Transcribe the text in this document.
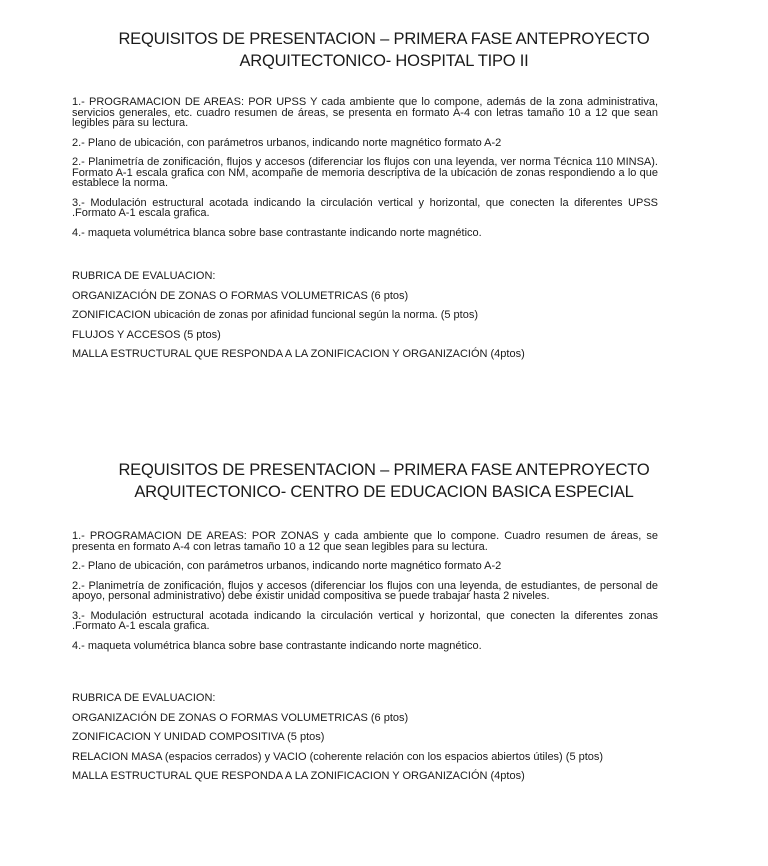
REQUISITOS DE PRESENTACION – PRIMERA FASE ANTEPROYECTO
ARQUITECTONICO- HOSPITAL TIPO II

1.- PROGRAMACION DE AREAS: POR UPSS Y cada ambiente que lo compone, además de la zona administrativa, servicios generales, etc. cuadro resumen de áreas, se presenta en formato A-4 con letras tamaño 10 a 12 que sean legibles para su lectura.

2.- Plano de ubicación, con parámetros urbanos, indicando norte magnético formato A-2

2.- Planimetría de zonificación, flujos y accesos (diferenciar los flujos con una leyenda, ver norma Técnica 110 MINSA). Formato A-1 escala grafica con NM, acompañe de memoria descriptiva de la ubicación de zonas respondiendo a lo que establece la norma.

3.- Modulación estructural acotada indicando la circulación vertical y horizontal, que conecten la diferentes UPSS .Formato A-1 escala grafica.

4.- maqueta volumétrica blanca sobre base contrastante indicando norte magnético.

RUBRICA DE EVALUACION:
ORGANIZACIÓN DE ZONAS O FORMAS VOLUMETRICAS (6 ptos)
ZONIFICACION ubicación de zonas por afinidad funcional según la norma. (5 ptos)
FLUJOS Y ACCESOS (5 ptos)
MALLA ESTRUCTURAL QUE RESPONDA A LA ZONIFICACION Y ORGANIZACIÓN (4ptos)
REQUISITOS DE PRESENTACION – PRIMERA FASE ANTEPROYECTO
ARQUITECTONICO- CENTRO DE EDUCACION BASICA ESPECIAL

1.- PROGRAMACION DE AREAS: POR ZONAS y cada ambiente que lo compone. Cuadro resumen de áreas, se presenta en formato A-4 con letras tamaño 10 a 12 que sean legibles para su lectura.

2.- Plano de ubicación, con parámetros urbanos, indicando norte magnético formato A-2

2.- Planimetría de zonificación, flujos y accesos (diferenciar los flujos con una leyenda, de estudiantes, de personal de apoyo, personal administrativo) debe existir unidad compositiva se puede trabajar hasta 2 niveles.

3.- Modulación estructural acotada indicando la circulación vertical y horizontal, que conecten la diferentes zonas .Formato A-1 escala grafica.

4.- maqueta volumétrica blanca sobre base contrastante indicando norte magnético.

RUBRICA DE EVALUACION:
ORGANIZACIÓN DE ZONAS O FORMAS VOLUMETRICAS (6 ptos)
ZONIFICACION Y UNIDAD COMPOSITIVA (5 ptos)
RELACION MASA (espacios cerrados) y VACIO (coherente relación con los espacios abiertos útiles) (5 ptos)
MALLA ESTRUCTURAL QUE RESPONDA A LA ZONIFICACION Y ORGANIZACIÓN (4ptos)
